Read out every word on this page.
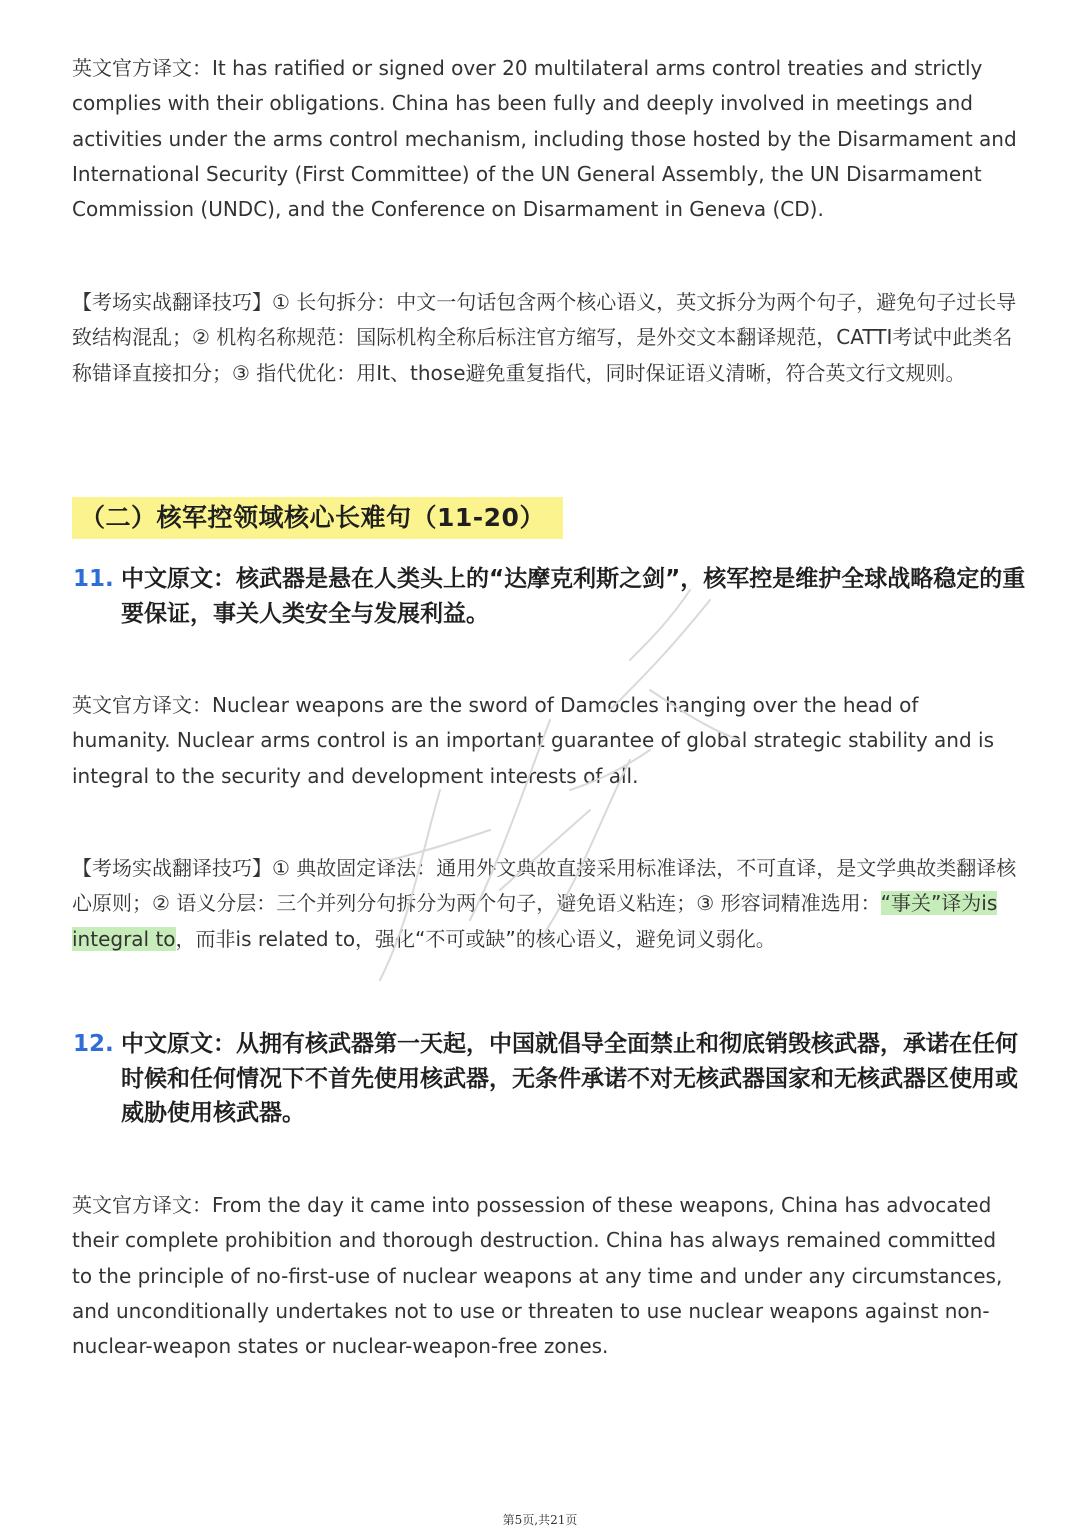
英文官方译文：It has ratified or signed over 20 multilateral arms control treaties and strictly complies with their obligations. China has been fully and deeply involved in meetings and activities under the arms control mechanism, including those hosted by the Disarmament and International Security (First Committee) of the UN General Assembly, the UN Disarmament Commission (UNDC), and the Conference on Disarmament in Geneva (CD).

【考场实战翻译技巧】① 长句拆分：中文一句话包含两个核心语义，英文拆分为两个句子，避免句子过长导致结构混乱；② 机构名称规范：国际机构全称后标注官方缩写，是外交文本翻译规范，CATTI考试中此类名称错译直接扣分；③ 指代优化：用It、those避免重复指代，同时保证语义清晰，符合英文行文规则。

（二）核军控领域核心长难句（11-20）
11. 中文原文：核武器是悬在人类头上的“达摩克利斯之剑”，核军控是维护全球战略稳定的重要保证，事关人类安全与发展利益。

英文官方译文：Nuclear weapons are the sword of Damocles hanging over the head of humanity. Nuclear arms control is an important guarantee of global strategic stability and is integral to the security and development interests of all.

【考场实战翻译技巧】① 典故固定译法：通用外文典故直接采用标准译法，不可直译，是文学典故类翻译核心原则；② 语义分层：三个并列分句拆分为两个句子，避免语义粘连；③ 形容词精准选用：“事关”译为is integral to，而非is related to，强化“不可或缺”的核心语义，避免词义弱化。

12. 中文原文：从拥有核武器第一天起，中国就倡导全面禁止和彻底销毁核武器，承诺在任何时候和任何情况下不首先使用核武器，无条件承诺不对无核武器国家和无核武器区使用或威胁使用核武器。

英文官方译文：From the day it came into possession of these weapons, China has advocated their complete prohibition and thorough destruction. China has always remained committed to the principle of no-first-use of nuclear weapons at any time and under any circumstances, and unconditionally undertakes not to use or threaten to use nuclear weapons against non-nuclear-weapon states or nuclear-weapon-free zones.

第5页,共21页
